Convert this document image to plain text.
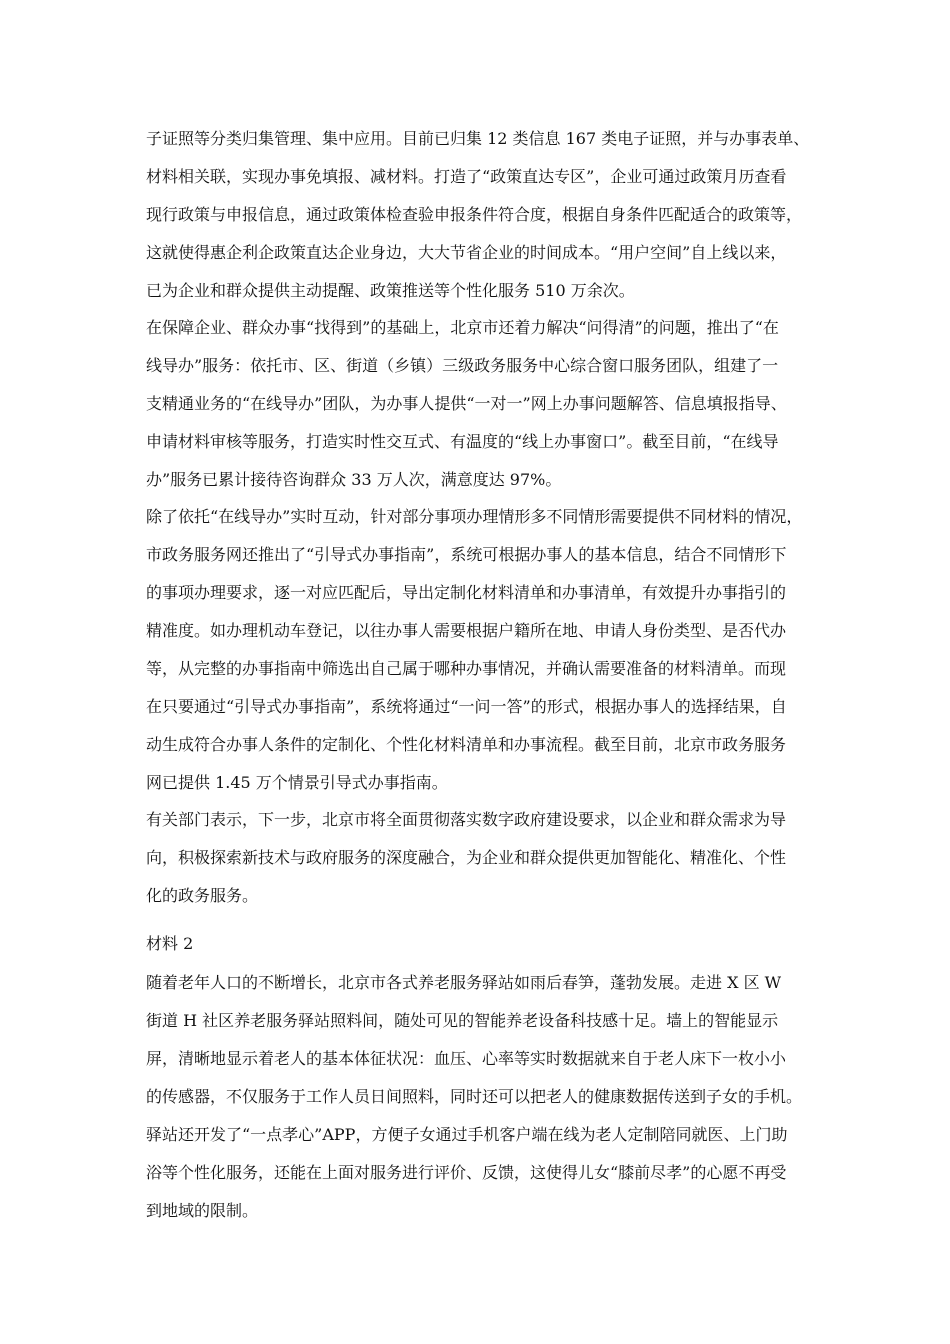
子证照等分类归集管理、集中应用。目前已归集 12 类信息 167 类电子证照，并与办事表单、
材料相关联，实现办事免填报、减材料。打造了“政策直达专区”，企业可通过政策月历查看
现行政策与申报信息，通过政策体检查验申报条件符合度，根据自身条件匹配适合的政策等，
这就使得惠企利企政策直达企业身边，大大节省企业的时间成本。“用户空间”自上线以来，
已为企业和群众提供主动提醒、政策推送等个性化服务 510 万余次。
在保障企业、群众办事“找得到”的基础上，北京市还着力解决“问得清”的问题，推出了“在
线导办”服务：依托市、区、街道（乡镇）三级政务服务中心综合窗口服务团队，组建了一
支精通业务的“在线导办”团队，为办事人提供“一对一”网上办事问题解答、信息填报指导、
申请材料审核等服务，打造实时性交互式、有温度的“线上办事窗口”。截至目前，“在线导
办”服务已累计接待咨询群众 33 万人次，满意度达 97%。
除了依托“在线导办”实时互动，针对部分事项办理情形多不同情形需要提供不同材料的情况，
市政务服务网还推出了“引导式办事指南”，系统可根据办事人的基本信息，结合不同情形下
的事项办理要求，逐一对应匹配后，导出定制化材料清单和办事清单，有效提升办事指引的
精准度。如办理机动车登记，以往办事人需要根据户籍所在地、申请人身份类型、是否代办
等，从完整的办事指南中筛选出自己属于哪种办事情况，并确认需要准备的材料清单。而现
在只要通过“引导式办事指南”，系统将通过“一问一答”的形式，根据办事人的选择结果，自
动生成符合办事人条件的定制化、个性化材料清单和办事流程。截至目前，北京市政务服务
网已提供 1.45 万个情景引导式办事指南。
有关部门表示，下一步，北京市将全面贯彻落实数字政府建设要求，以企业和群众需求为导
向，积极探索新技术与政府服务的深度融合，为企业和群众提供更加智能化、精准化、个性
化的政务服务。
材料 2
随着老年人口的不断增长，北京市各式养老服务驿站如雨后春笋，蓬勃发展。走进 X 区 W
街道 H 社区养老服务驿站照料间，随处可见的智能养老设备科技感十足。墙上的智能显示
屏，清晰地显示着老人的基本体征状况：血压、心率等实时数据就来自于老人床下一枚小小
的传感器，不仅服务于工作人员日间照料，同时还可以把老人的健康数据传送到子女的手机。
驿站还开发了“一点孝心”APP，方便子女通过手机客户端在线为老人定制陪同就医、上门助
浴等个性化服务，还能在上面对服务进行评价、反馈，这使得儿女“膝前尽孝”的心愿不再受
到地域的限制。
